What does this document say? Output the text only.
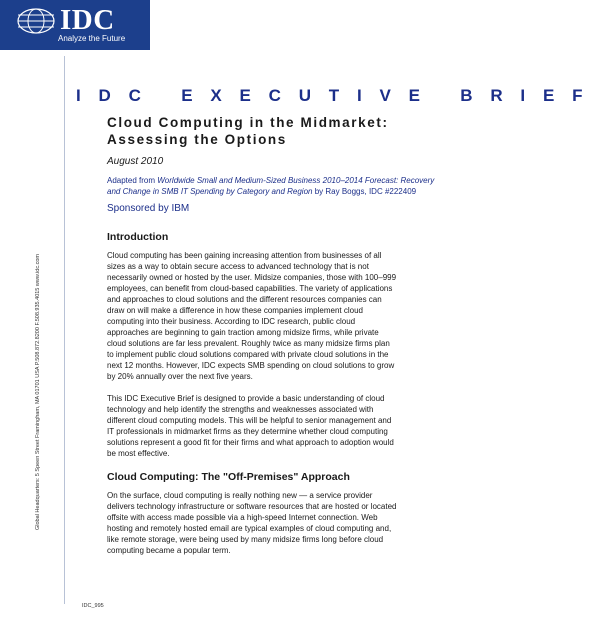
IDC
Analyze the Future
Global Headquarters: 5 Speen Street Framingham, MA 01701 USA P.508.872.8200 F.508.935.4015 www.idc.com
IDC EXECUTIVE BRIEF
Cloud Computing in the Midmarket:
Assessing the Options
August 2010
Adapted from Worldwide Small and Medium-Sized Business 2010–2014 Forecast: Recovery and Change in SMB IT Spending by Category and Region by Ray Boggs, IDC #222409
Sponsored by IBM
Introduction

Cloud computing has been gaining increasing attention from businesses of all sizes as a way to obtain secure access to advanced technology that is not necessarily owned or hosted by the user. Midsize companies, those with 100–999 employees, can benefit from cloud-based capabilities. The variety of applications and approaches to cloud solutions and the different resources companies can draw on will make a difference in how these companies implement cloud computing into their business. According to IDC research, public cloud approaches are beginning to gain traction among midsize firms, while private cloud solutions are far less prevalent. Roughly twice as many midsize firms plan to implement public cloud solutions compared with private cloud solutions in the next 12 months. However, IDC expects SMB spending on cloud solutions to grow by 20% annually over the next five years.

This IDC Executive Brief is designed to provide a basic understanding of cloud technology and help identify the strengths and weaknesses associated with different cloud computing models. This will be helpful to senior management and IT professionals in midmarket firms as they determine whether cloud computing solutions represent a good fit for their firms and what approach to adoption would be most effective.

Cloud Computing: The "Off-Premises" Approach

On the surface, cloud computing is really nothing new — a service provider delivers technology infrastructure or software resources that are hosted or located offsite with access made possible via a high-speed Internet connection. Web hosting and remotely hosted email are typical examples of cloud computing and, like remote storage, were being used by many midsize firms long before cloud computing became a popular term.

IDC_995
